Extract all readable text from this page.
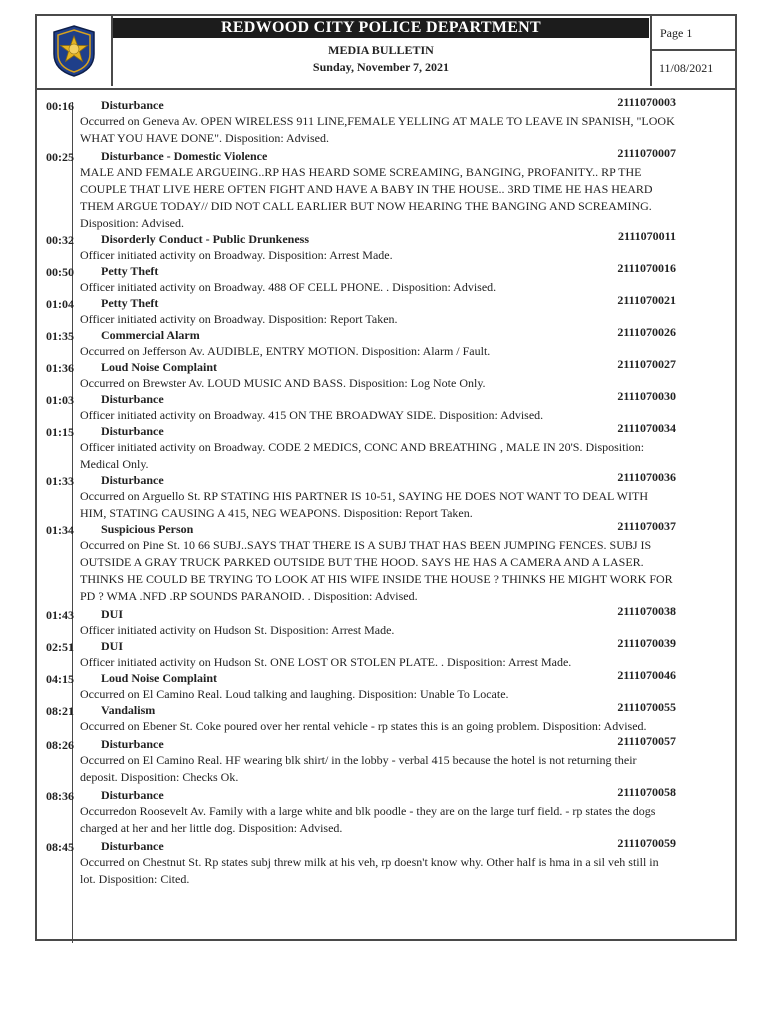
REDWOOD CITY POLICE DEPARTMENT
MEDIA BULLETIN
Sunday, November 7, 2021
Page 1
11/08/2021
00:16 Disturbance	2111070003
Occurred on Geneva Av. OPEN WIRELESS 911 LINE,FEMALE YELLING AT MALE TO LEAVE IN SPANISH, "LOOK WHAT YOU HAVE DONE". Disposition: Advised.
00:25 Disturbance - Domestic Violence	2111070007
MALE AND FEMALE ARGUEING..RP HAS HEARD SOME SCREAMING, BANGING, PROFANITY.. RP THE COUPLE THAT LIVE HERE OFTEN FIGHT AND HAVE A BABY IN THE HOUSE.. 3RD TIME HE HAS HEARD THEM ARGUE TODAY// DID NOT CALL EARLIER BUT NOW HEARING THE BANGING AND SCREAMING. Disposition: Advised.
00:32 Disorderly Conduct - Public Drunkeness	2111070011
Officer initiated activity on Broadway. Disposition: Arrest Made.
00:50 Petty Theft	2111070016
Officer initiated activity on Broadway. 488 OF CELL PHONE. . Disposition: Advised.
01:04 Petty Theft	2111070021
Officer initiated activity on Broadway. Disposition: Report Taken.
01:35 Commercial Alarm	2111070026
Occurred on Jefferson Av. AUDIBLE, ENTRY MOTION. Disposition: Alarm / Fault.
01:36 Loud Noise Complaint	2111070027
Occurred on Brewster Av. LOUD MUSIC AND BASS. Disposition: Log Note Only.
01:03 Disturbance	2111070030
Officer initiated activity on Broadway. 415 ON THE BROADWAY SIDE. Disposition: Advised.
01:15 Disturbance	2111070034
Officer initiated activity on Broadway. CODE 2 MEDICS, CONC AND BREATHING , MALE IN 20'S. Disposition: Medical Only.
01:33 Disturbance	2111070036
Occurred on Arguello St. RP STATING HIS PARTNER IS 10-51, SAYING HE DOES NOT WANT TO DEAL WITH HIM, STATING CAUSING A 415, NEG WEAPONS. Disposition: Report Taken.
01:34 Suspicious Person	2111070037
Occurred on Pine St. 10 66 SUBJ..SAYS THAT THERE IS A SUBJ THAT HAS BEEN JUMPING FENCES. SUBJ IS OUTSIDE A GRAY TRUCK PARKED OUTSIDE BUT THE HOOD. SAYS HE HAS A CAMERA AND A LASER. THINKS HE COULD BE TRYING TO LOOK AT HIS WIFE INSIDE THE HOUSE ? THINKS HE MIGHT WORK FOR PD ? WMA .NFD .RP SOUNDS PARANOID. . Disposition: Advised.
01:43 DUI	2111070038
Officer initiated activity on Hudson St. Disposition: Arrest Made.
02:51 DUI	2111070039
Officer initiated activity on Hudson St. ONE LOST OR STOLEN PLATE. . Disposition: Arrest Made.
04:15 Loud Noise Complaint	2111070046
Occurred on El Camino Real. Loud talking and laughing. Disposition: Unable To Locate.
08:21 Vandalism	2111070055
Occurred on Ebener St. Coke poured over her rental vehicle - rp states this is an going problem. Disposition: Advised.
08:26 Disturbance	2111070057
Occurred on El Camino Real. HF wearing blk shirt/ in the lobby - verbal 415 because the hotel is not returning their deposit. Disposition: Checks Ok.
08:36 Disturbance	2111070058
Occurredon Roosevelt Av. Family with a large white and blk poodle - they are on the large turf field. - rp states the dogs charged at her and her little dog. Disposition: Advised.
08:45 Disturbance	2111070059
Occurred on Chestnut St. Rp states subj threw milk at his veh, rp doesn't know why. Other half is hma in a sil veh still in lot. Disposition: Cited.
